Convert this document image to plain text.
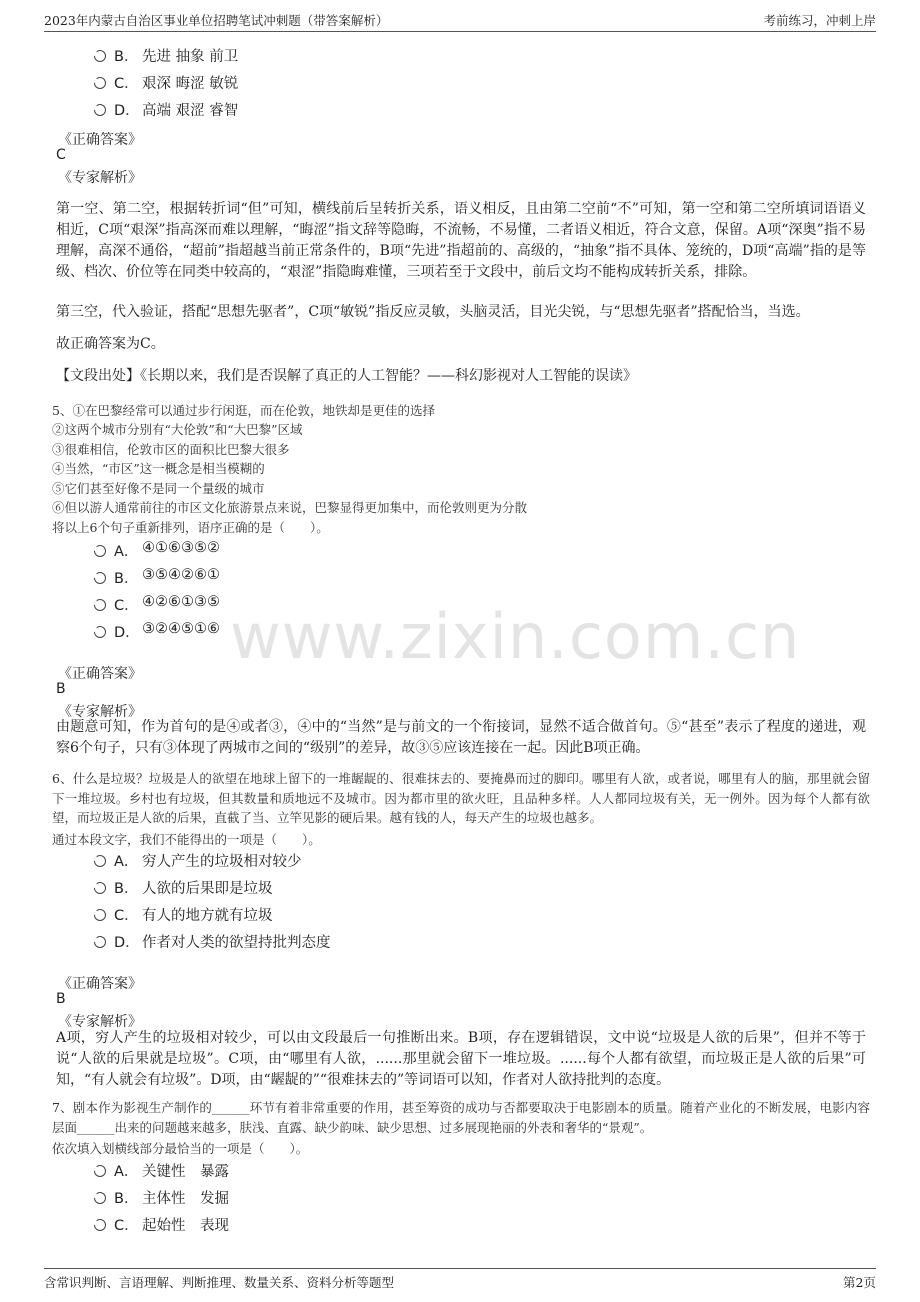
2023年内蒙古自治区事业单位招聘笔试冲刺题（带答案解析）	考前练习，冲刺上岸
www.zixin.com.cn
B． 先进 抽象 前卫
C． 艰深 晦涩 敏锐
D． 高端 艰涩 睿智
《正确答案》
C
《专家解析》
第一空、第二空，根据转折词“但”可知，横线前后呈转折关系，语义相反，且由第二空前“不”可知，第一空和第二空所填词语语义相近，C项“艰深”指高深而难以理解，“晦涩”指文辞等隐晦，不流畅，不易懂，二者语义相近，符合文意，保留。A项“深奥”指不易理解，高深不通俗，“超前”指超越当前正常条件的，B项“先进”指超前的、高级的，“抽象”指不具体、笼统的，D项“高端”指的是等级、档次、价位等在同类中较高的，“艰涩”指隐晦难懂，三项若至于文段中，前后文均不能构成转折关系，排除。
第三空，代入验证，搭配“思想先驱者”，C项“敏锐”指反应灵敏，头脑灵活，目光尖锐，与“思想先驱者”搭配恰当，当选。
故正确答案为C。
【文段出处】《长期以来，我们是否误解了真正的人工智能？——科幻影视对人工智能的误读》
5、①在巴黎经常可以通过步行闲逛，而在伦敦，地铁却是更佳的选择
②这两个城市分别有“大伦敦”和“大巴黎”区域
③很难相信，伦敦市区的面积比巴黎大很多
④当然，“市区”这一概念是相当模糊的
⑤它们甚至好像不是同一个量级的城市
⑥但以游人通常前往的市区文化旅游景点来说，巴黎显得更加集中，而伦敦则更为分散
将以上6个句子重新排列，语序正确的是（　　）。
A． ④①⑥③⑤②
B． ③⑤④②⑥①
C． ④②⑥①③⑤
D． ③②④⑤①⑥
《正确答案》
B
《专家解析》
由题意可知，作为首句的是④或者③，④中的“当然”是与前文的一个衔接词，显然不适合做首句。⑤“甚至”表示了程度的递进，观察6个句子，只有③体现了两城市之间的“级别”的差异，故③⑤应该连接在一起。因此B项正确。
6、什么是垃圾？垃圾是人的欲望在地球上留下的一堆龌龊的、很难抹去的、要掩鼻而过的脚印。哪里有人欲，或者说，哪里有人的脑，那里就会留下一堆垃圾。乡村也有垃圾，但其数量和质地远不及城市。因为都市里的欲火旺，且品种多样。人人都同垃圾有关，无一例外。因为每个人都有欲望，而垃圾正是人欲的后果，直截了当、立竿见影的硬后果。越有钱的人，每天产生的垃圾也越多。
通过本段文字，我们不能得出的一项是（　　）。
A． 穷人产生的垃圾相对较少
B． 人欲的后果即是垃圾
C． 有人的地方就有垃圾
D． 作者对人类的欲望持批判态度
《正确答案》
B
《专家解析》
A项，穷人产生的垃圾相对较少，可以由文段最后一句推断出来。B项，存在逻辑错误，文中说“垃圾是人欲的后果”，但并不等于说“人欲的后果就是垃圾”。C项，由“哪里有人欲，......那里就会留下一堆垃圾。......每个人都有欲望，而垃圾正是人欲的后果”可知，“有人就会有垃圾”。D项，由“龌龊的”“很难抹去的”等词语可以知，作者对人欲持批判的态度。
7、剧本作为影视生产制作的______环节有着非常重要的作用，甚至筹资的成功与否都要取决于电影剧本的质量。随着产业化的不断发展，电影内容层面______出来的问题越来越多，肤浅、直露、缺少韵味、缺少思想、过多展现艳丽的外表和奢华的“景观”。
依次填入划横线部分最恰当的一项是（　　）。
A． 关键性　暴露
B． 主体性　发掘
C． 起始性　表现
含常识判断、言语理解、判断推理、数量关系、资料分析等题型	第2页
